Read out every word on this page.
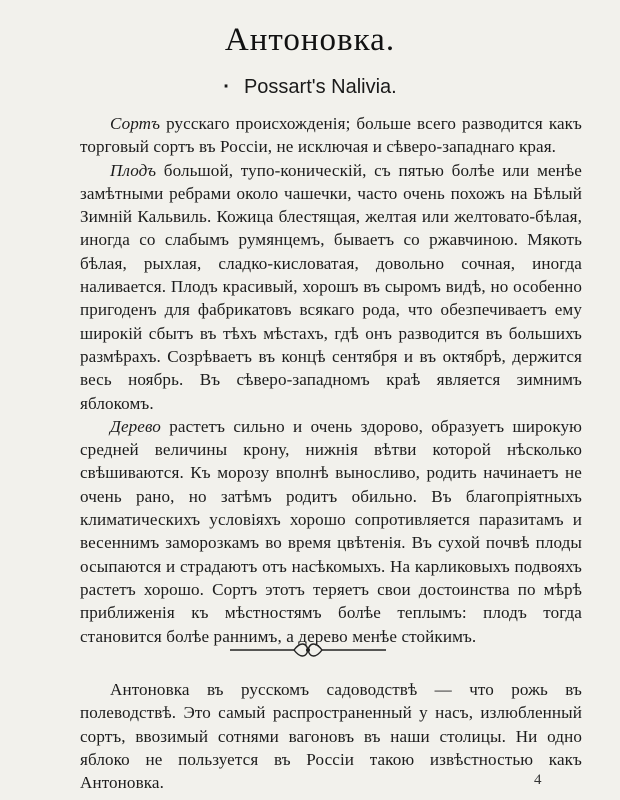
Антоновка.
· Possart's Nalivia.

Сортъ русскаго происхожденія; больше всего разводится какъ торговый сортъ въ Россіи, не исключая и сѣверо-западнаго края.

Плодъ большой, тупо-коническій, съ пятью болѣе или менѣе замѣтными ребрами около чашечки, часто очень похожъ на Бѣлый Зимній Кальвиль. Кожица блестящая, желтая или желтовато-бѣлая, иногда со слабымъ румянцемъ, бываетъ со ржавчиною. Мякоть бѣлая, рыхлая, сладко-кисловатая, довольно сочная, иногда наливается. Плодъ красивый, хорошъ въ сыромъ видѣ, но особенно пригоденъ для фабрикатовъ всякаго рода, что обезпечиваетъ ему широкій сбытъ въ тѣхъ мѣстахъ, гдѣ онъ разводится въ большихъ размѣрахъ. Созрѣваетъ въ концѣ сентября и въ октябрѣ, держится весь ноябрь. Въ сѣверо-западномъ краѣ является зимнимъ яблокомъ.

Дерево растетъ сильно и очень здорово, образуетъ широкую средней величины крону, нижнія вѣтви которой нѣсколько свѣшиваются. Къ морозу вполнѣ выносливо, родить начинаетъ не очень рано, но затѣмъ родитъ обильно. Въ благопріятныхъ климатическихъ условіяхъ хорошо сопротивляется паразитамъ и весеннимъ заморозкамъ во время цвѣтенія. Въ сухой почвѣ плоды осыпаются и страдаютъ отъ насѣкомыхъ. На карликовыхъ подвояхъ растетъ хорошо. Сортъ этотъ теряетъ свои достоинства по мѣрѣ приближенія къ мѣстностямъ болѣе теплымъ: плодъ тогда становится болѣе раннимъ, а дерево менѣе стойкимъ.

Антоновка въ русскомъ садоводствѣ — что рожь въ полеводствѣ. Это самый распространенный у насъ, излюбленный сортъ, ввозимый сотнями вагоновъ въ наши столицы. Ни одно яблоко не пользуется въ Россіи такою извѣстностью какъ Антоновка.	4
